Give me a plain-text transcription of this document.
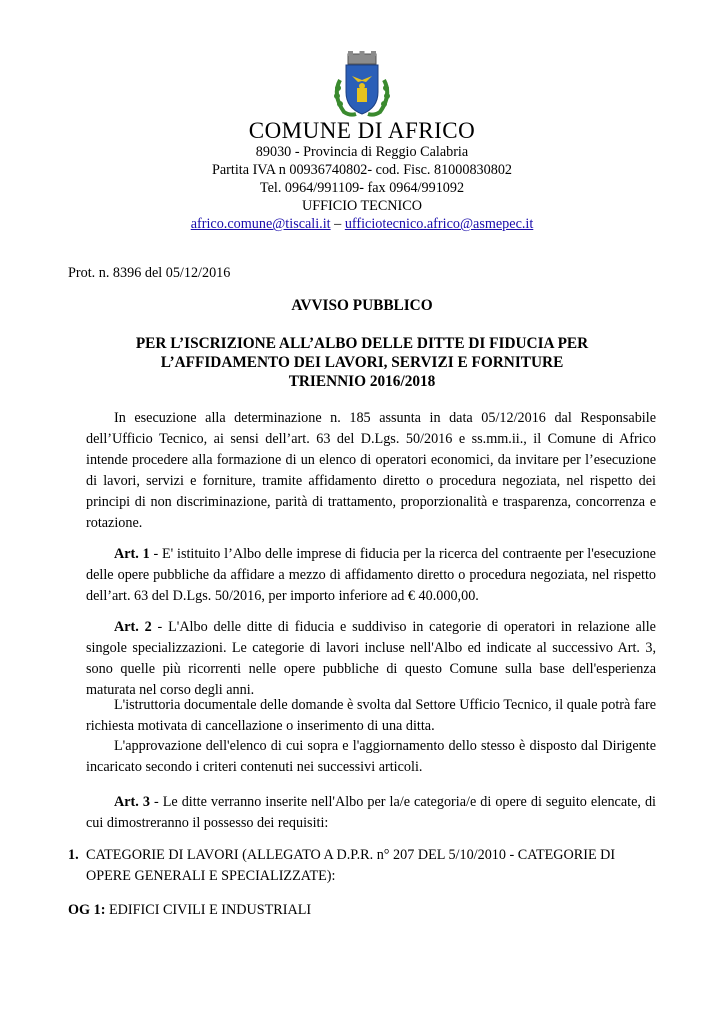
COMUNE DI AFRICO
89030 - Provincia di Reggio Calabria
Partita IVA n 00936740802- cod. Fisc. 81000830802
Tel. 0964/991109- fax 0964/991092
UFFICIO TECNICO
africo.comune@tiscali.it – ufficiotecnico.africo@asmepec.it
Prot. n. 8396 del 05/12/2016
AVVISO PUBBLICO
PER L’ISCRIZIONE ALL’ALBO DELLE DITTE DI FIDUCIA PER
L’AFFIDAMENTO DEI LAVORI, SERVIZI E FORNITURE
TRIENNIO 2016/2018
In esecuzione alla determinazione n. 185 assunta in data 05/12/2016 dal Responsabile dell’Ufficio Tecnico, ai sensi dell’art. 63 del D.Lgs. 50/2016 e ss.mm.ii., il Comune di Africo intende procedere alla formazione di un elenco di operatori economici, da invitare per l’esecuzione di lavori, servizi e forniture, tramite affidamento diretto o procedura negoziata, nel rispetto dei principi di non discriminazione, parità di trattamento, proporzionalità e trasparenza, concorrenza e rotazione.
Art. 1 - E' istituito l’Albo delle imprese di fiducia per la ricerca del contraente per l'esecuzione delle opere pubbliche da affidare a mezzo di affidamento diretto o procedura negoziata, nel rispetto dell’art. 63 del D.Lgs. 50/2016, per importo inferiore ad € 40.000,00.
Art. 2 - L'Albo delle ditte di fiducia e suddiviso in categorie di operatori in relazione alle singole specializzazioni. Le categorie di lavori incluse nell'Albo ed indicate al successivo Art. 3, sono quelle più ricorrenti nelle opere pubbliche di questo Comune sulla base dell'esperienza maturata nel corso degli anni.
L'istruttoria documentale delle domande è svolta dal Settore Ufficio Tecnico, il quale potrà fare richiesta motivata di cancellazione o inserimento di una ditta.
L'approvazione dell'elenco di cui sopra e l'aggiornamento dello stesso è disposto dal Dirigente incaricato secondo i criteri contenuti nei successivi articoli.
Art. 3 - Le ditte verranno inserite nell'Albo per la/e categoria/e di opere di seguito elencate, di cui dimostreranno il possesso dei requisiti:
1. CATEGORIE DI LAVORI (ALLEGATO A D.P.R. n° 207 DEL 5/10/2010 - CATEGORIE DI OPERE GENERALI E SPECIALIZZATE):
OG 1: EDIFICI CIVILI E INDUSTRIALI
